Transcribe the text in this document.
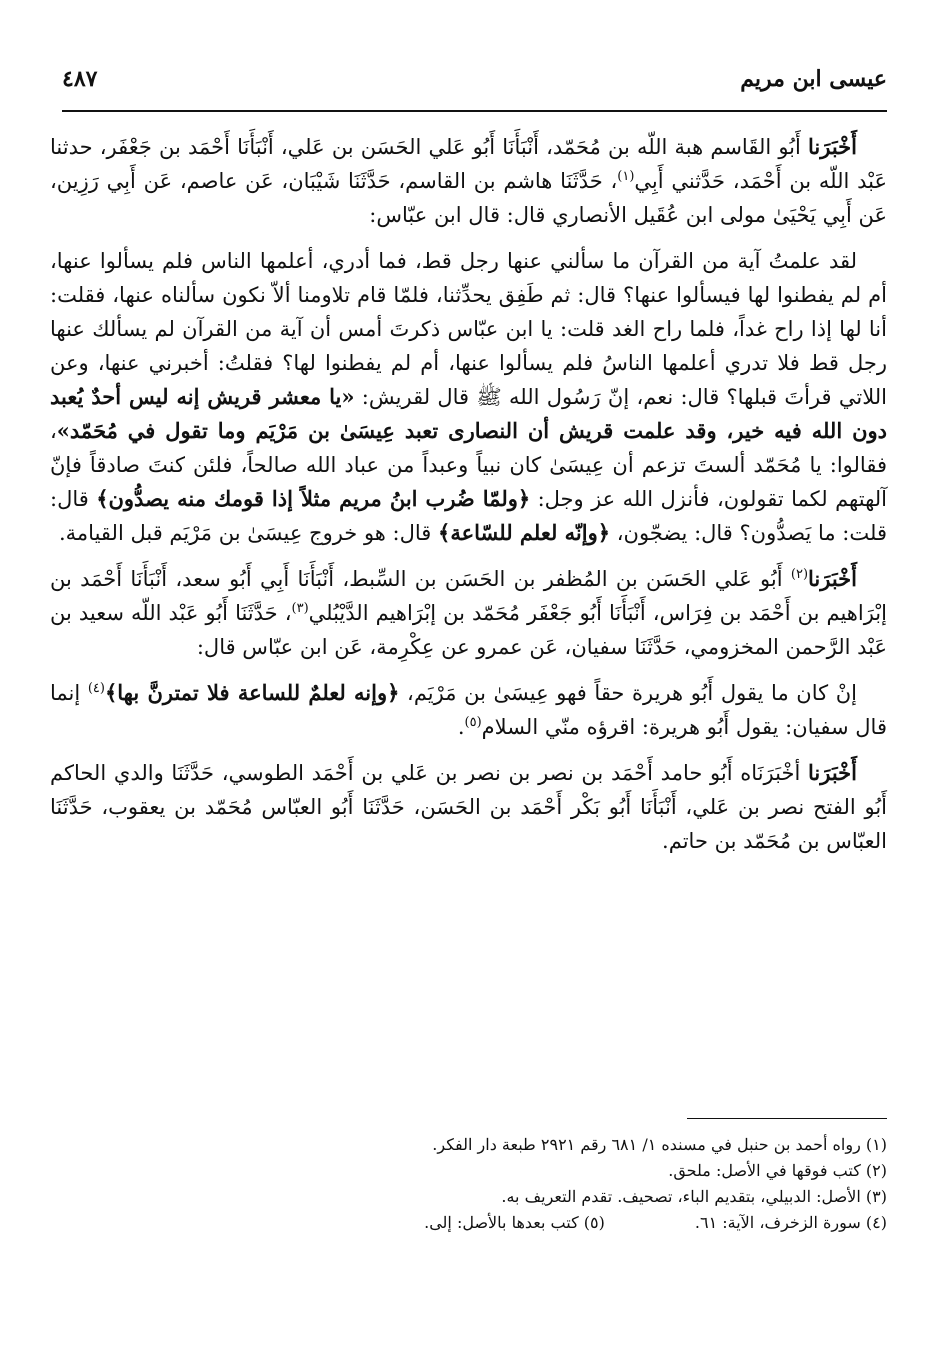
٤٨٧	عيسى ابن مريم

أَخْبَرَنا أَبُو القَاسم هبة اللّه بن مُحَمّد، أَنْبَأَنَا أَبُو عَلي الحَسَن بن عَلي، أَنْبَأَنَا أَحْمَد بن جَعْفَر، حدثنا عَبْد اللّه بن أَحْمَد، حَدَّثني أَبِي$^{(١)}$، حَدَّثَنَا هاشم بن القاسم، حَدَّثَنَا شَيْبَان، عَن عاصم، عَن أَبِي رَزِين، عَن أَبِي يَحْيَىٰ مولى ابن عُقَيل الأنصاري قال: قال ابن عبّاس:

لقد علمتُ آية من القرآن ما سألني عنها رجل قط، فما أدري، أعلمها الناس فلم يسألوا عنها، أم لم يفطنوا لها فيسألوا عنها؟ قال: ثم طَفِق يحدِّثنا، فلمّا قام تلاومنا ألاّ نكون سألناه عنها، فقلت: أنا لها إذا راح غداً، فلما راح الغد قلت: يا ابن عبّاس ذكرتَ أمس أن آية من القرآن لم يسألك عنها رجل قط فلا تدري أعلمها الناسُ فلم يسألوا عنها، أم لم يفطنوا لها؟ فقلتُ: أخبرني عنها، وعن اللاتي قرأتَ قبلها؟ قال: نعم، إنّ رَسُول الله ﷺ قال لقريش: «يا معشر قريش إنه ليس أحدٌ يُعبد دون الله فيه خير، وقد علمت قريش أن النصارى تعبد عِيسَىٰ بن مَرْيَم وما تقول في مُحَمّد»، فقالوا: يا مُحَمّد ألستَ تزعم أن عِيسَىٰ كان نبياً وعبداً من عباد الله صالحاً، فلئن كنتَ صادقاً فإنّ آلهتهم لكما تقولون، فأنزل الله عز وجل: ﴿ولمّا ضُرب ابنُ مريم مثلاً إذا قومك منه يصدُّون﴾ قال: قلت: ما يَصدُّون؟ قال: يضجّون، ﴿وإنّه لعلم للسّاعة﴾ قال: هو خروج عِيسَىٰ بن مَرْيَم قبل القيامة.

أَخْبَرَنا$^{(٢)}$ أَبُو عَلي الحَسَن بن المُظفر بن الحَسَن بن السِّبط، أَنْبَأَنَا أَبِي أَبُو سعد، أَنْبَأَنَا أَحْمَد بن إبْرَاهيم بن أَحْمَد بن فِرَاس، أَنْبَأَنَا أَبُو جَعْفَر مُحَمّد بن إبْرَاهيم الدَّيْبُلي$^{(٣)}$، حَدَّثَنَا أَبُو عَبْد اللّه سعيد بن عَبْد الرَّحمن المخزومي، حَدَّثَنَا سفيان، عَن عمرو عن عِكْرِمة، عَن ابن عبّاس قال:

إنْ كان ما يقول أَبُو هريرة حقاً فهو عِيسَىٰ بن مَرْيَم، ﴿وإنه لعلمٌ للساعة فلا تمترنَّ بها﴾$^{(٤)}$ إنما قال سفيان: يقول أَبُو هريرة: اقرؤه منّي السلام$^{(٥)}$.

أَخْبَرَنا أخْبَرَنَاه أَبُو حامد أَحْمَد بن نصر بن نصر بن عَلي بن أَحْمَد الطوسي، حَدَّثَنَا والدي الحاكم أَبُو الفتح نصر بن عَلي، أَنْبَأَنَا أَبُو بَكْر أَحْمَد بن الحَسَن، حَدَّثَنَا أَبُو العبّاس مُحَمّد بن يعقوب، حَدَّثَنَا العبّاس بن مُحَمّد بن حاتم.

(١) رواه أحمد بن حنبل في مسنده ١/ ٦٨١ رقم ٢٩٢١ طبعة دار الفكر.
(٢) كتب فوقها في الأصل: ملحق.
(٣) الأصل: الدبيلي، بتقديم الباء، تصحيف. تقدم التعريف به.
(٤) سورة الزخرف، الآية: ٦١.
(٥) كتب بعدها بالأصل: إلى.
